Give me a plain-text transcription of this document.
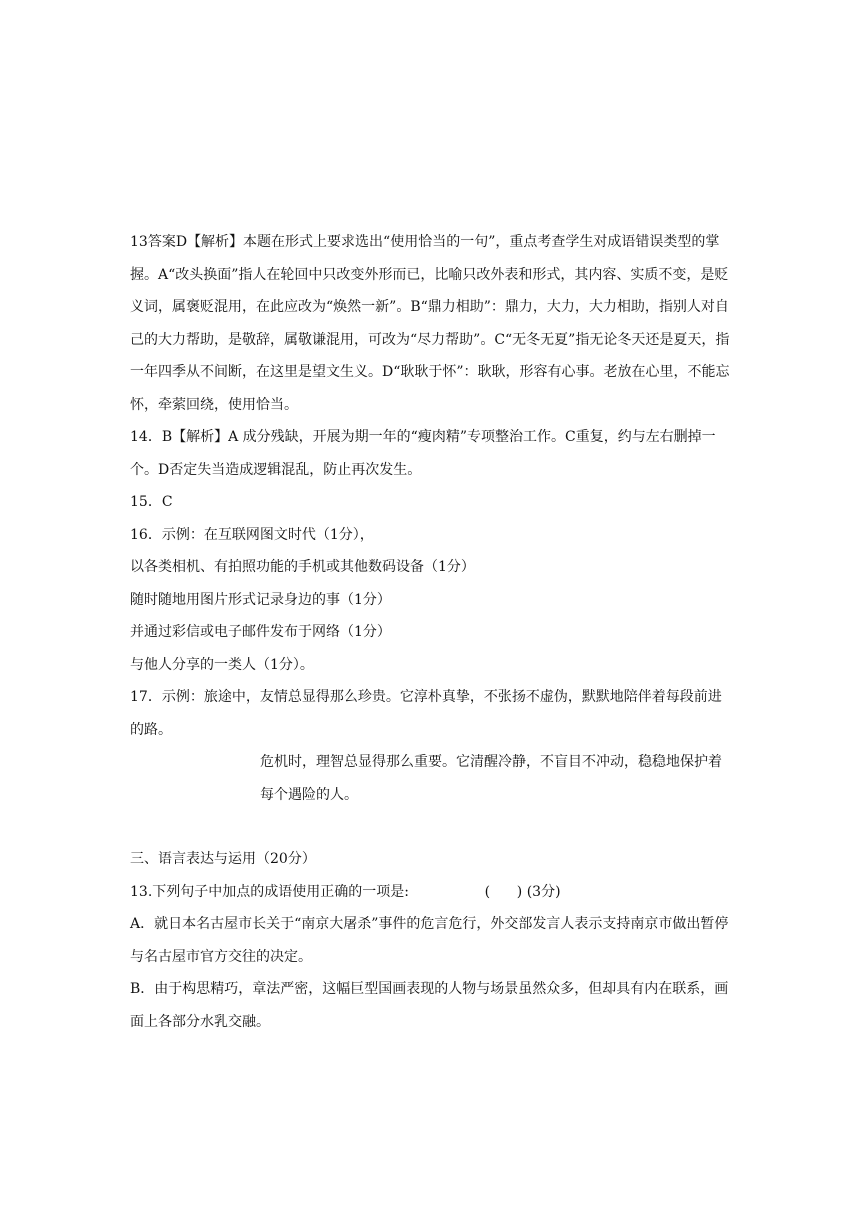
13答案D【解析】本题在形式上要求选出“使用恰当的一句”，重点考查学生对成语错误类型的掌握。A“改头换面”指人在轮回中只改变外形而已，比喻只改外表和形式，其内容、实质不变，是贬义词，属褒贬混用，在此应改为“焕然一新”。B“鼎力相助”：鼎力，大力，大力相助，指别人对自己的大力帮助，是敬辞，属敬谦混用，可改为“尽力帮助”。C“无冬无夏”指无论冬天还是夏天，指一年四季从不间断，在这里是望文生义。D“耿耿于怀”：耿耿，形容有心事。老放在心里，不能忘怀，牵萦回绕，使用恰当。

14．B【解析】A 成分残缺，开展为期一年的“瘦肉精”专项整治工作。C重复，约与左右删掉一个。D否定失当造成逻辑混乱，防止再次发生。

15．C

16．示例：在互联网图文时代（1分），

以各类相机、有拍照功能的手机或其他数码设备（1分）

随时随地用图片形式记录身边的事（1分）

并通过彩信或电子邮件发布于网络（1分）

与他人分享的一类人（1分）。

17．示例：旅途中，友情总显得那么珍贵。它淳朴真挚，不张扬不虚伪，默默地陪伴着每段前进的路。

危机时，理智总显得那么重要。它清醒冷静，不盲目不冲动，稳稳地保护着每个遇险的人。

三、语言表达与运用（20分）

13.下列句子中加点的成语使用正确的一项是:                 (      ) (3分)

A．就日本名古屋市长关于“南京大屠杀”事件的危言危行，外交部发言人表示支持南京市做出暂停与名古屋市官方交往的决定。

B．由于构思精巧，章法严密，这幅巨型国画表现的人物与场景虽然众多，但却具有内在联系，画面上各部分水乳交融。
